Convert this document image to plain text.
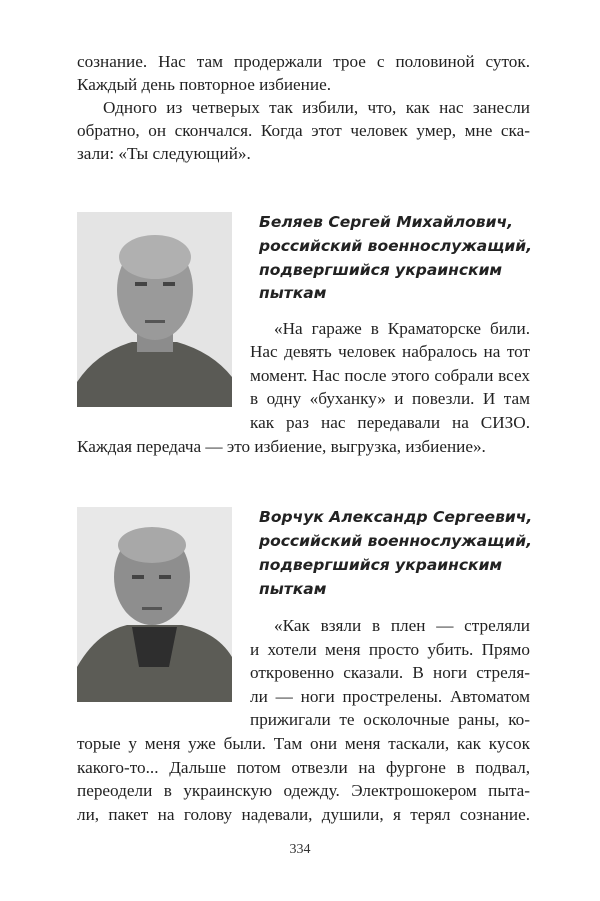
сознание. Нас там продержали трое с половиной суток.
Каждый день повторное избиение.
Одного из четверых так избили, что, как нас занесли
обратно, он скончался. Когда этот человек умер, мне ска-
зали: «Ты следующий».
Беляев Сергей Михайлович,
российский военнослужащий,
подвергшийся украинским
пыткам
«На гараже в Краматорске били.
Нас девять человек набралось на тот
момент. Нас после этого собрали всех
в одну «буханку» и повезли. И там
как раз нас передавали на СИЗО.
Каждая передача — это избиение, выгрузка, избиение».
Ворчук Александр Сергеевич,
российский военнослужащий,
подвергшийся украинским
пыткам
«Как взяли в плен — стреляли
и хотели меня просто убить. Прямо
откровенно сказали. В ноги стреля-
ли — ноги прострелены. Автоматом
прижигали те осколочные раны, ко-
торые у меня уже были. Там они меня таскали, как кусок
какого-то... Дальше потом отвезли на фургоне в подвал,
переодели в украинскую одежду. Электрошокером пыта-
ли, пакет на голову надевали, душили, я терял сознание.
334
